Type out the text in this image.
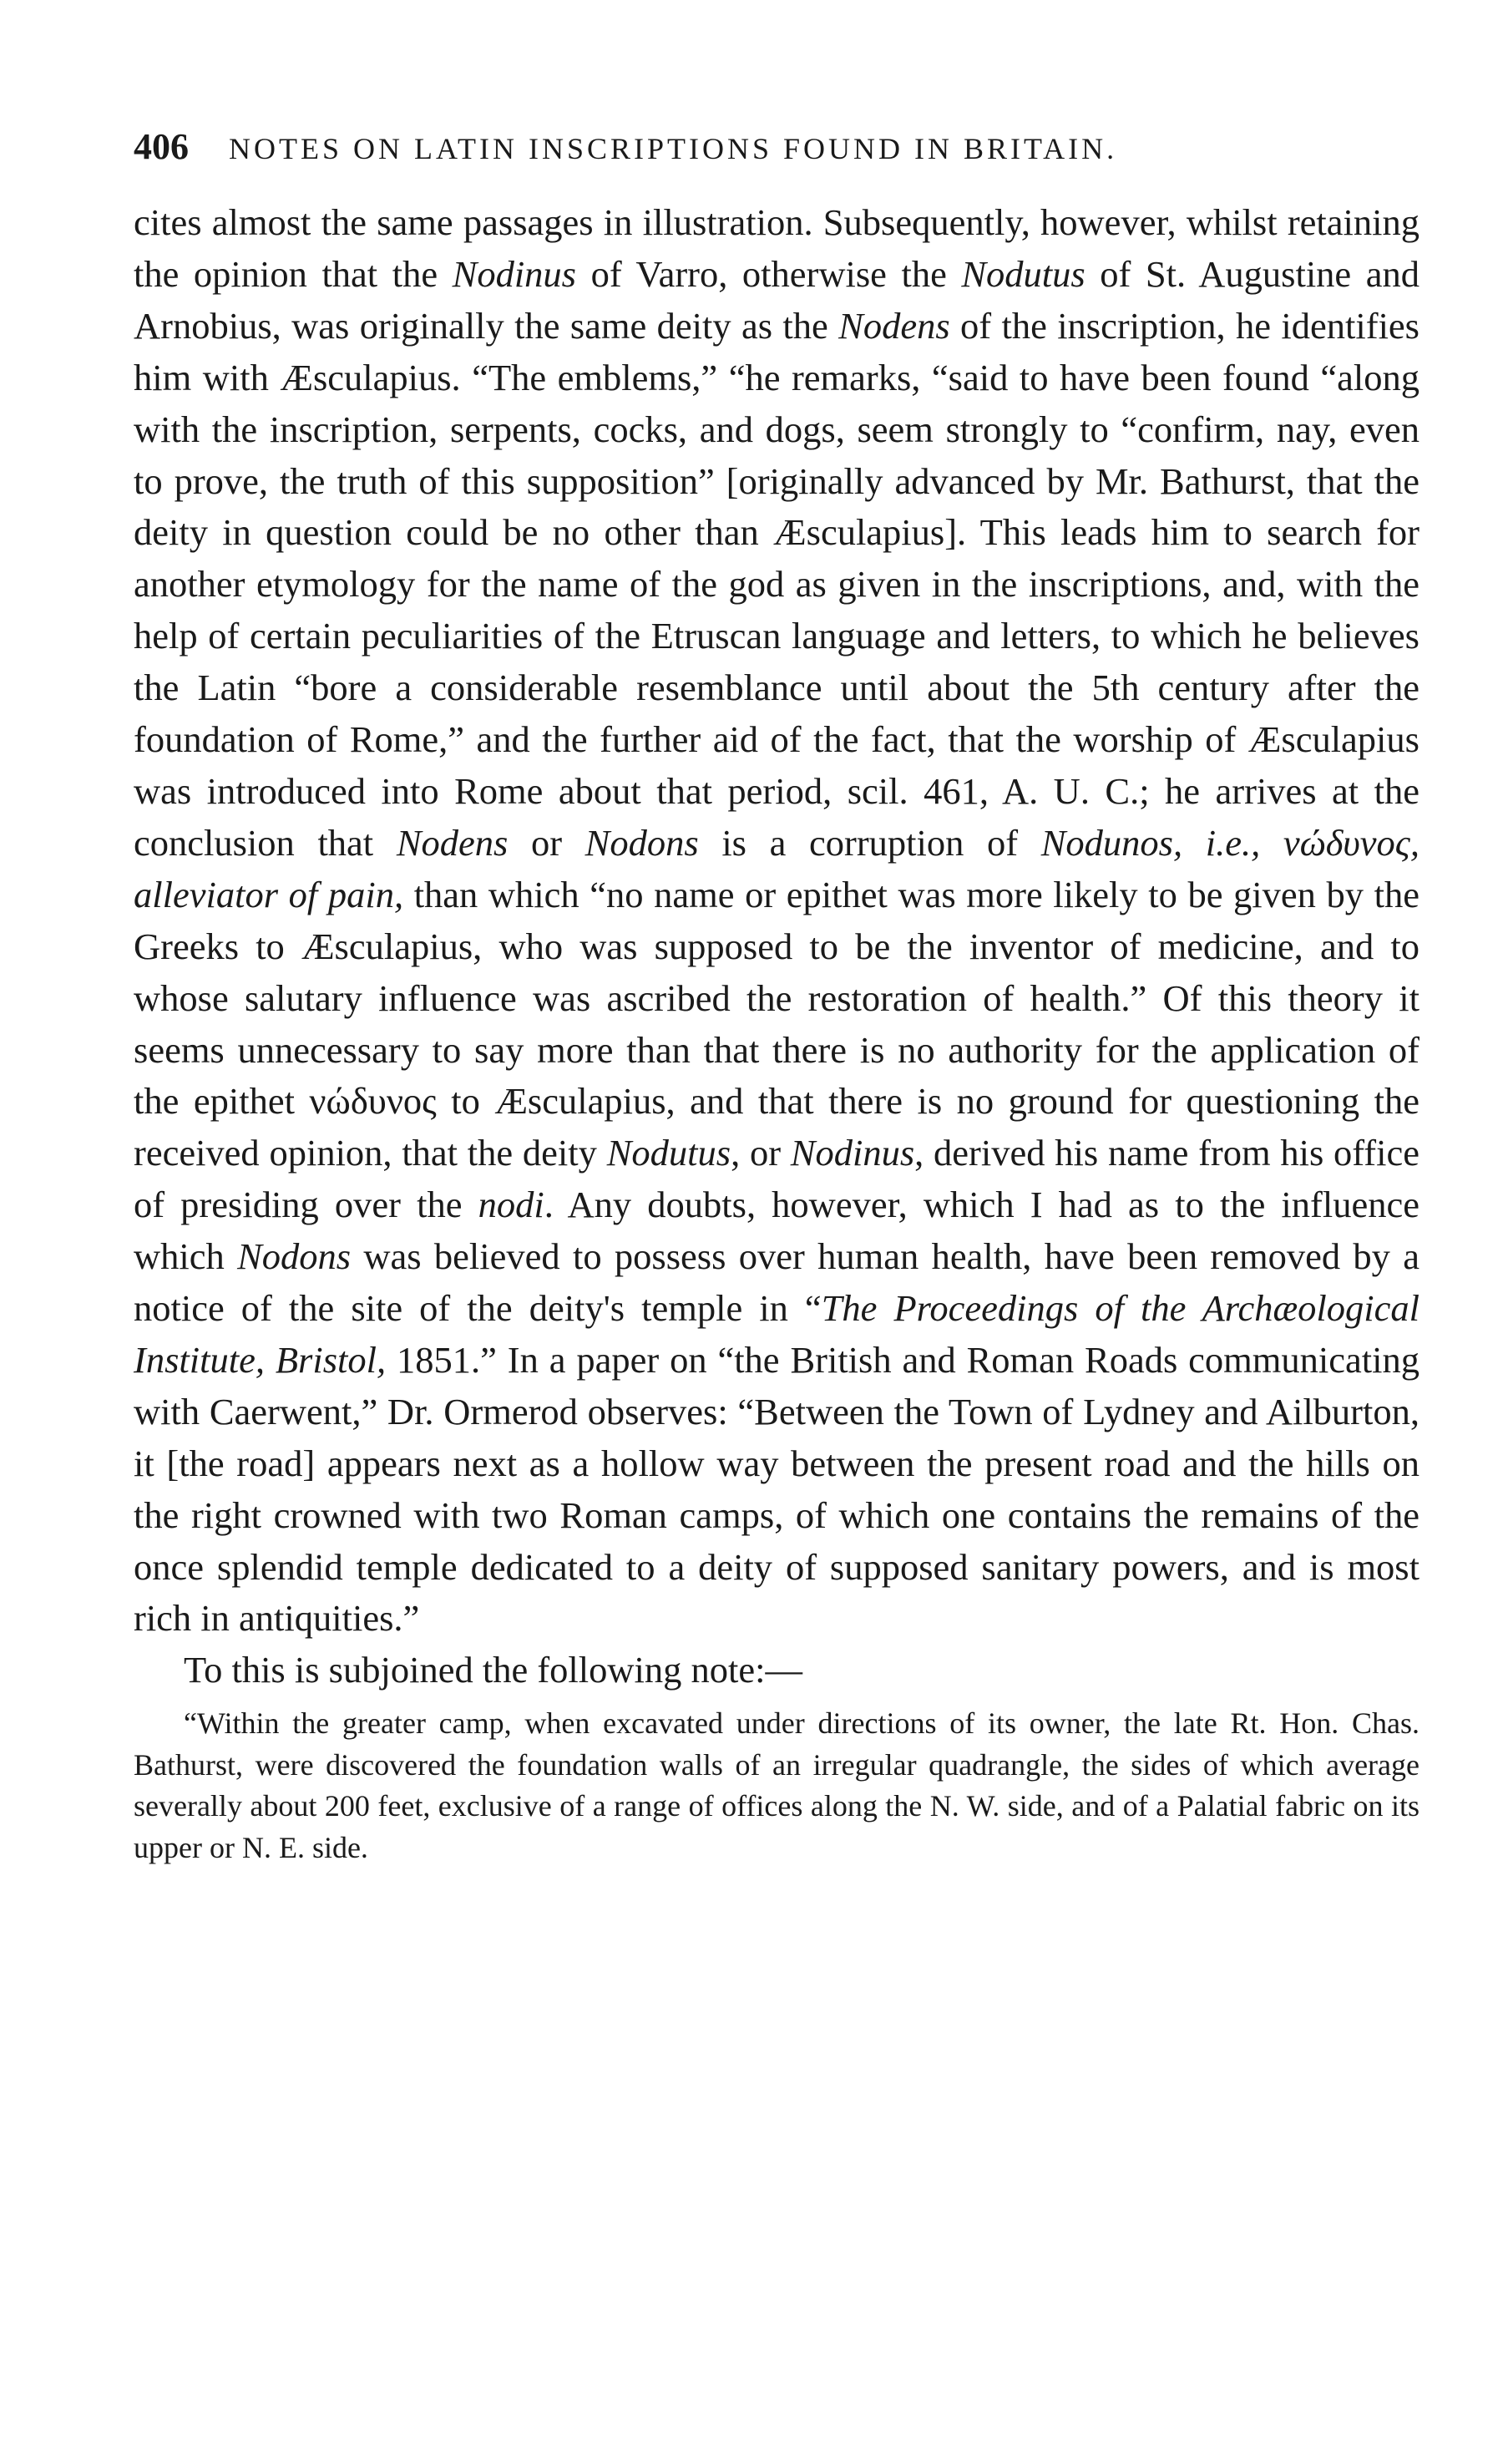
406 NOTES ON LATIN INSCRIPTIONS FOUND IN BRITAIN.

cites almost the same passages in illustration. Subsequently, however, whilst retaining the opinion that the Nodinus of Varro, otherwise the Nodutus of St. Augustine and Arnobius, was originally the same deity as the Nodens of the inscription, he identifies him with Æsculapius. “The emblems,” “he remarks, “said to have been found “along with the inscription, serpents, cocks, and dogs, seem strongly to “confirm, nay, even to prove, the truth of this supposition” [originally advanced by Mr. Bathurst, that the deity in question could be no other than Æsculapius]. This leads him to search for another etymology for the name of the god as given in the inscriptions, and, with the help of certain peculiarities of the Etruscan language and letters, to which he believes the Latin “bore a considerable resemblance until about the 5th century after the foundation of Rome,” and the further aid of the fact, that the worship of Æsculapius was introduced into Rome about that period, scil. 461, A. U. C.; he arrives at the conclusion that Nodens or Nodons is a corruption of Nodunos, i.e., νώδυνος, alleviator of pain, than which “no name or epithet was more likely to be given by the Greeks to Æsculapius, who was supposed to be the inventor of medicine, and to whose salutary influence was ascribed the restoration of health.” Of this theory it seems unnecessary to say more than that there is no authority for the application of the epithet νώδυνος to Æsculapius, and that there is no ground for questioning the received opinion, that the deity Nodutus, or Nodinus, derived his name from his office of presiding over the nodi. Any doubts, however, which I had as to the influence which Nodons was believed to possess over human health, have been removed by a notice of the site of the deity's temple in “The Proceedings of the Archæological Institute, Bristol, 1851.” In a paper on “the British and Roman Roads communicating with Caerwent,” Dr. Ormerod observes: “Between the Town of Lydney and Ailburton, it [the road] appears next as a hollow way between the present road and the hills on the right crowned with two Roman camps, of which one contains the remains of the once splendid temple dedicated to a deity of supposed sanitary powers, and is most rich in antiquities.”

To this is subjoined the following note:—

“Within the greater camp, when excavated under directions of its owner, the late Rt. Hon. Chas. Bathurst, were discovered the foundation walls of an irregular quadrangle, the sides of which average severally about 200 feet, exclusive of a range of offices along the N. W. side, and of a Palatial fabric on its upper or N. E. side.
